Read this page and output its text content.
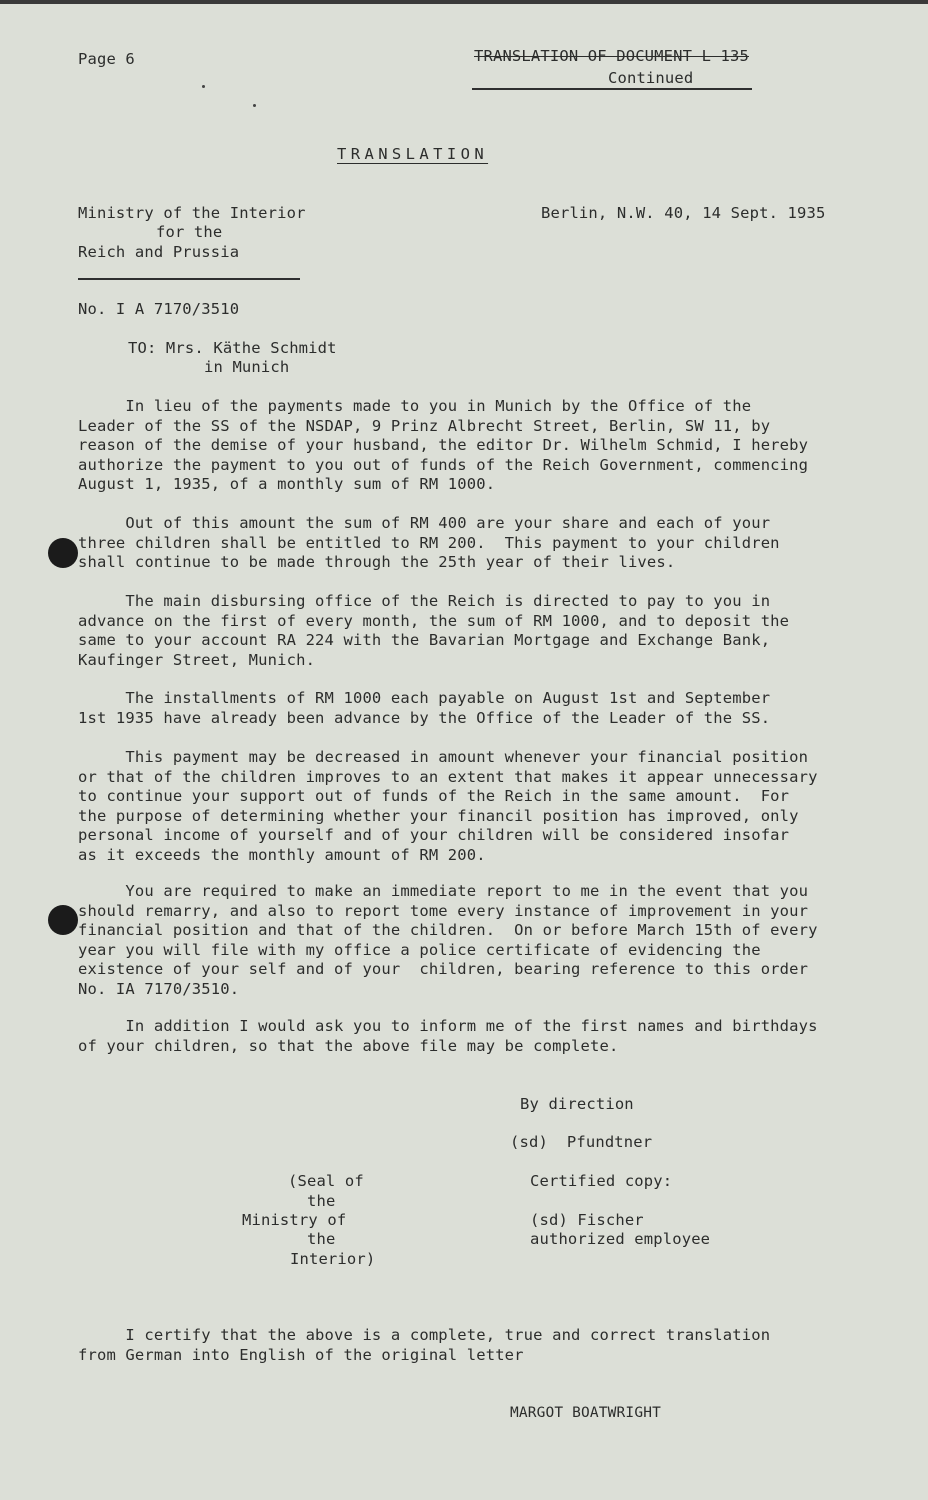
Page 6	TRANSLATION OF DOCUMENT L 135
Continued
TRANSLATION
Ministry of the Interior
for the
Reich and Prussia
Berlin, N.W. 40, 14 Sept. 1935
No. I A 7170/3510
TO: Mrs. Käthe Schmidt
in Munich
In lieu of the payments made to you in Munich by the Office of the
Leader of the SS of the NSDAP, 9 Prinz Albrecht Street, Berlin, SW 11, by
reason of the demise of your husband, the editor Dr. Wilhelm Schmid, I hereby
authorize the payment to you out of funds of the Reich Government, commencing
August 1, 1935, of a monthly sum of RM 1000.
Out of this amount the sum of RM 400 are your share and each of your
three children shall be entitled to RM 200.  This payment to your children
shall continue to be made through the 25th year of their lives.
The main disbursing office of the Reich is directed to pay to you in
advance on the first of every month, the sum of RM 1000, and to deposit the
same to your account RA 224 with the Bavarian Mortgage and Exchange Bank,
Kaufinger Street, Munich.
The installments of RM 1000 each payable on August 1st and September
1st 1935 have already been advance by the Office of the Leader of the SS.
This payment may be decreased in amount whenever your financial position
or that of the children improves to an extent that makes it appear unnecessary
to continue your support out of funds of the Reich in the same amount.  For
the purpose of determining whether your financil position has improved, only
personal income of yourself and of your children will be considered insofar
as it exceeds the monthly amount of RM 200.
You are required to make an immediate report to me in the event that you
should remarry, and also to report tome every instance of improvement in your
financial position and that of the children.  On or before March 15th of every
year you will file with my office a police certificate of evidencing the
existence of your self and of your  children, bearing reference to this order
No. IA 7170/3510.
In addition I would ask you to inform me of the first names and birthdays
of your children, so that the above file may be complete.
By direction
(sd)  Pfundtner
Certified copy:
(sd) Fischer
authorized employee
(Seal of
the
Ministry of
the
Interior)
I certify that the above is a complete, true and correct translation
from German into English of the original letter
MARGOT BOATWRIGHT
